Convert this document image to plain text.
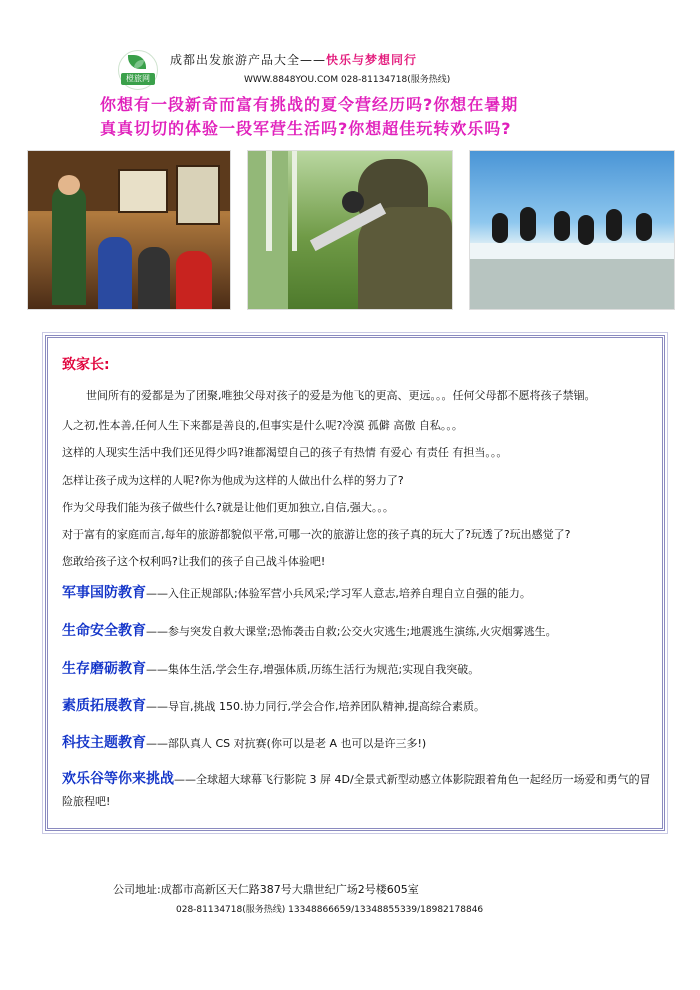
橙旅网
成都出发旅游产品大全——快乐与梦想同行
WWW.8848YOU.COM 028-81134718(服务热线)
你想有一段新奇而富有挑战的夏令营经历吗?你想在暑期
真真切切的体验一段军营生活吗?你想超佳玩转欢乐吗?
致家长:
世间所有的爱都是为了团聚,唯独父母对孩子的爱是为他飞的更高、更远。。。任何父母都不愿将孩子禁锢。
人之初,性本善,任何人生下来都是善良的,但事实是什么呢?冷漠 孤僻 高傲 自私。。。
这样的人现实生活中我们还见得少吗?谁都渴望自己的孩子有热情 有爱心 有责任 有担当。。。
怎样让孩子成为这样的人呢?你为他成为这样的人做出什么样的努力了?
作为父母我们能为孩子做些什么?就是让他们更加独立,自信,强大。。。
对于富有的家庭而言,每年的旅游都貌似平常,可哪一次的旅游让您的孩子真的玩大了?玩透了?玩出感觉了?
您敢给孩子这个权利吗?让我们的孩子自己战斗体验吧!
军事国防教育——入住正规部队;体验军营小兵风采;学习军人意志,培养自理自立自强的能力。
生命安全教育——参与突发自救大课堂;恐怖袭击自救;公交火灾逃生;地震逃生演练,火灾烟雾逃生。
生存磨砺教育——集体生活,学会生存,增强体质,历练生活行为规范;实现自我突破。
素质拓展教育——导盲,挑战 150.协力同行,学会合作,培养团队精神,提高综合素质。
科技主题教育——部队真人 CS 对抗赛(你可以是老 A 也可以是许三多!)
欢乐谷等你来挑战——全球超大球幕飞行影院 3 屏 4D/全景式新型动感立体影院跟着角色一起经历一场爱和勇气的冒险旅程吧!
公司地址:成都市高新区天仁路387号大鼎世纪广场2号楼605室
028-81134718(服务热线) 13348866659/13348855339/18982178846
